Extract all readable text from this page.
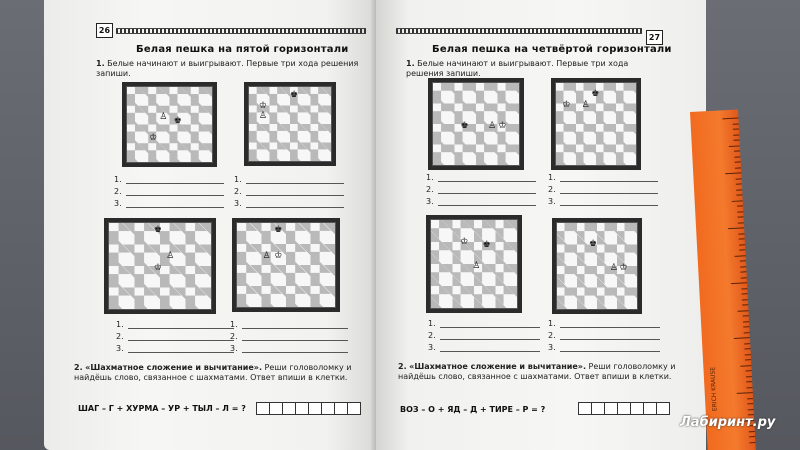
26
Белая пешка на пятой горизонтали
1. Белые начинают и выигрывают. Первые три хода решения запиши.
♙ ♚
♔
♚
♔
♙
1.
2.
3.
1.
2.
3.
♚
♙
♔
♚
♙ ♔
1.
2.
3.
1.
2.
3.
2. «Шахматное сложение и вычитание». Реши головоломку и найдёшь слово, связанное с шахматами. Ответ впиши в клетки.
ШАГ – Г + ХУРМА – УР + ТЫЛ – Л = ?
27
Белая пешка на четвёртой горизонтали
1. Белые начинают и выигрывают. Первые три хода решения запиши.
♚	♔
♙
♚
♙
♔
1.
2.
3.
1.
2.
3.
♔ ♚
♙
♚
♙ ♔
1.
2.
3.
1.
2.
3.
2. «Шахматное сложение и вычитание». Реши головоломку и найдёшь слово, связанное с шахматами. Ответ впиши в клетки.
ВОЗ – О + ЯД – Д + ТИРЕ – Р = ?	ERICH KRAUSE
Лабиринт.ру
